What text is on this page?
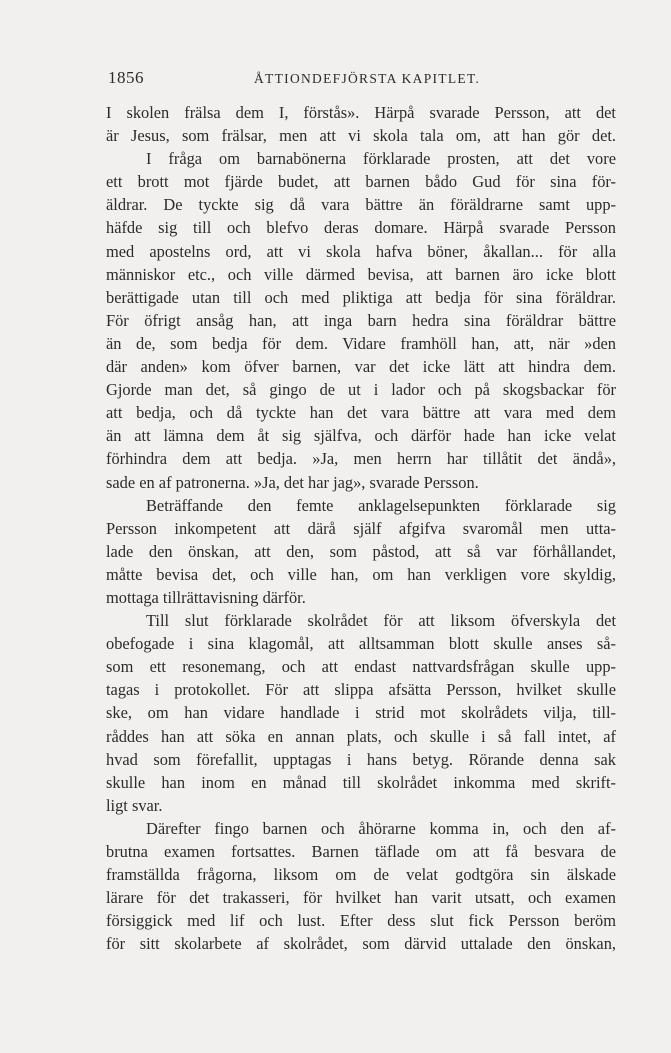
1856	ÅTTIONDEFJÖRSTA KAPITLET.
I skolen frälsa dem I, förstås». Härpå svarade Persson, att det
är Jesus, som frälsar, men att vi skola tala om, att han gör det.
I fråga om barnabönerna förklarade prosten, att det vore
ett brott mot fjärde budet, att barnen bådo Gud för sina för-
äldrar. De tyckte sig då vara bättre än föräldrarne samt upp-
häfde sig till och blefvo deras domare. Härpå svarade Persson
med apostelns ord, att vi skola hafva böner, åkallan... för alla
människor etc., och ville därmed bevisa, att barnen äro icke blott
berättigade utan till och med pliktiga att bedja för sina föräldrar.
För öfrigt ansåg han, att inga barn hedra sina föräldrar bättre
än de, som bedja för dem. Vidare framhöll han, att, när »den
där anden» kom öfver barnen, var det icke lätt att hindra dem.
Gjorde man det, så gingo de ut i lador och på skogsbackar för
att bedja, och då tyckte han det vara bättre att vara med dem
än att lämna dem åt sig själfva, och därför hade han icke velat
förhindra dem att bedja. »Ja, men herrn har tillåtit det ändå»,
sade en af patronerna. »Ja, det har jag», svarade Persson.
Beträffande den femte anklagelsepunkten förklarade sig
Persson inkompetent att därå själf afgifva svaromål men utta-
lade den önskan, att den, som påstod, att så var förhållandet,
måtte bevisa det, och ville han, om han verkligen vore skyldig,
mottaga tillrättavisning därför.
Till slut förklarade skolrådet för att liksom öfverskyla det
obefogade i sina klagomål, att alltsamman blott skulle anses så-
som ett resonemang, och att endast nattvardsfrågan skulle upp-
tagas i protokollet. För att slippa afsätta Persson, hvilket skulle
ske, om han vidare handlade i strid mot skolrådets vilja, till-
råddes han att söka en annan plats, och skulle i så fall intet, af
hvad som förefallit, upptagas i hans betyg. Rörande denna sak
skulle han inom en månad till skolrådet inkomma med skrift-
ligt svar.
Därefter fingo barnen och åhörarne komma in, och den af-
brutna examen fortsattes. Barnen täflade om att få besvara de
framställda frågorna, liksom om de velat godtgöra sin älskade
lärare för det trakasseri, för hvilket han varit utsatt, och examen
försiggick med lif och lust. Efter dess slut fick Persson beröm
för sitt skolarbete af skolrådet, som därvid uttalade den önskan,
